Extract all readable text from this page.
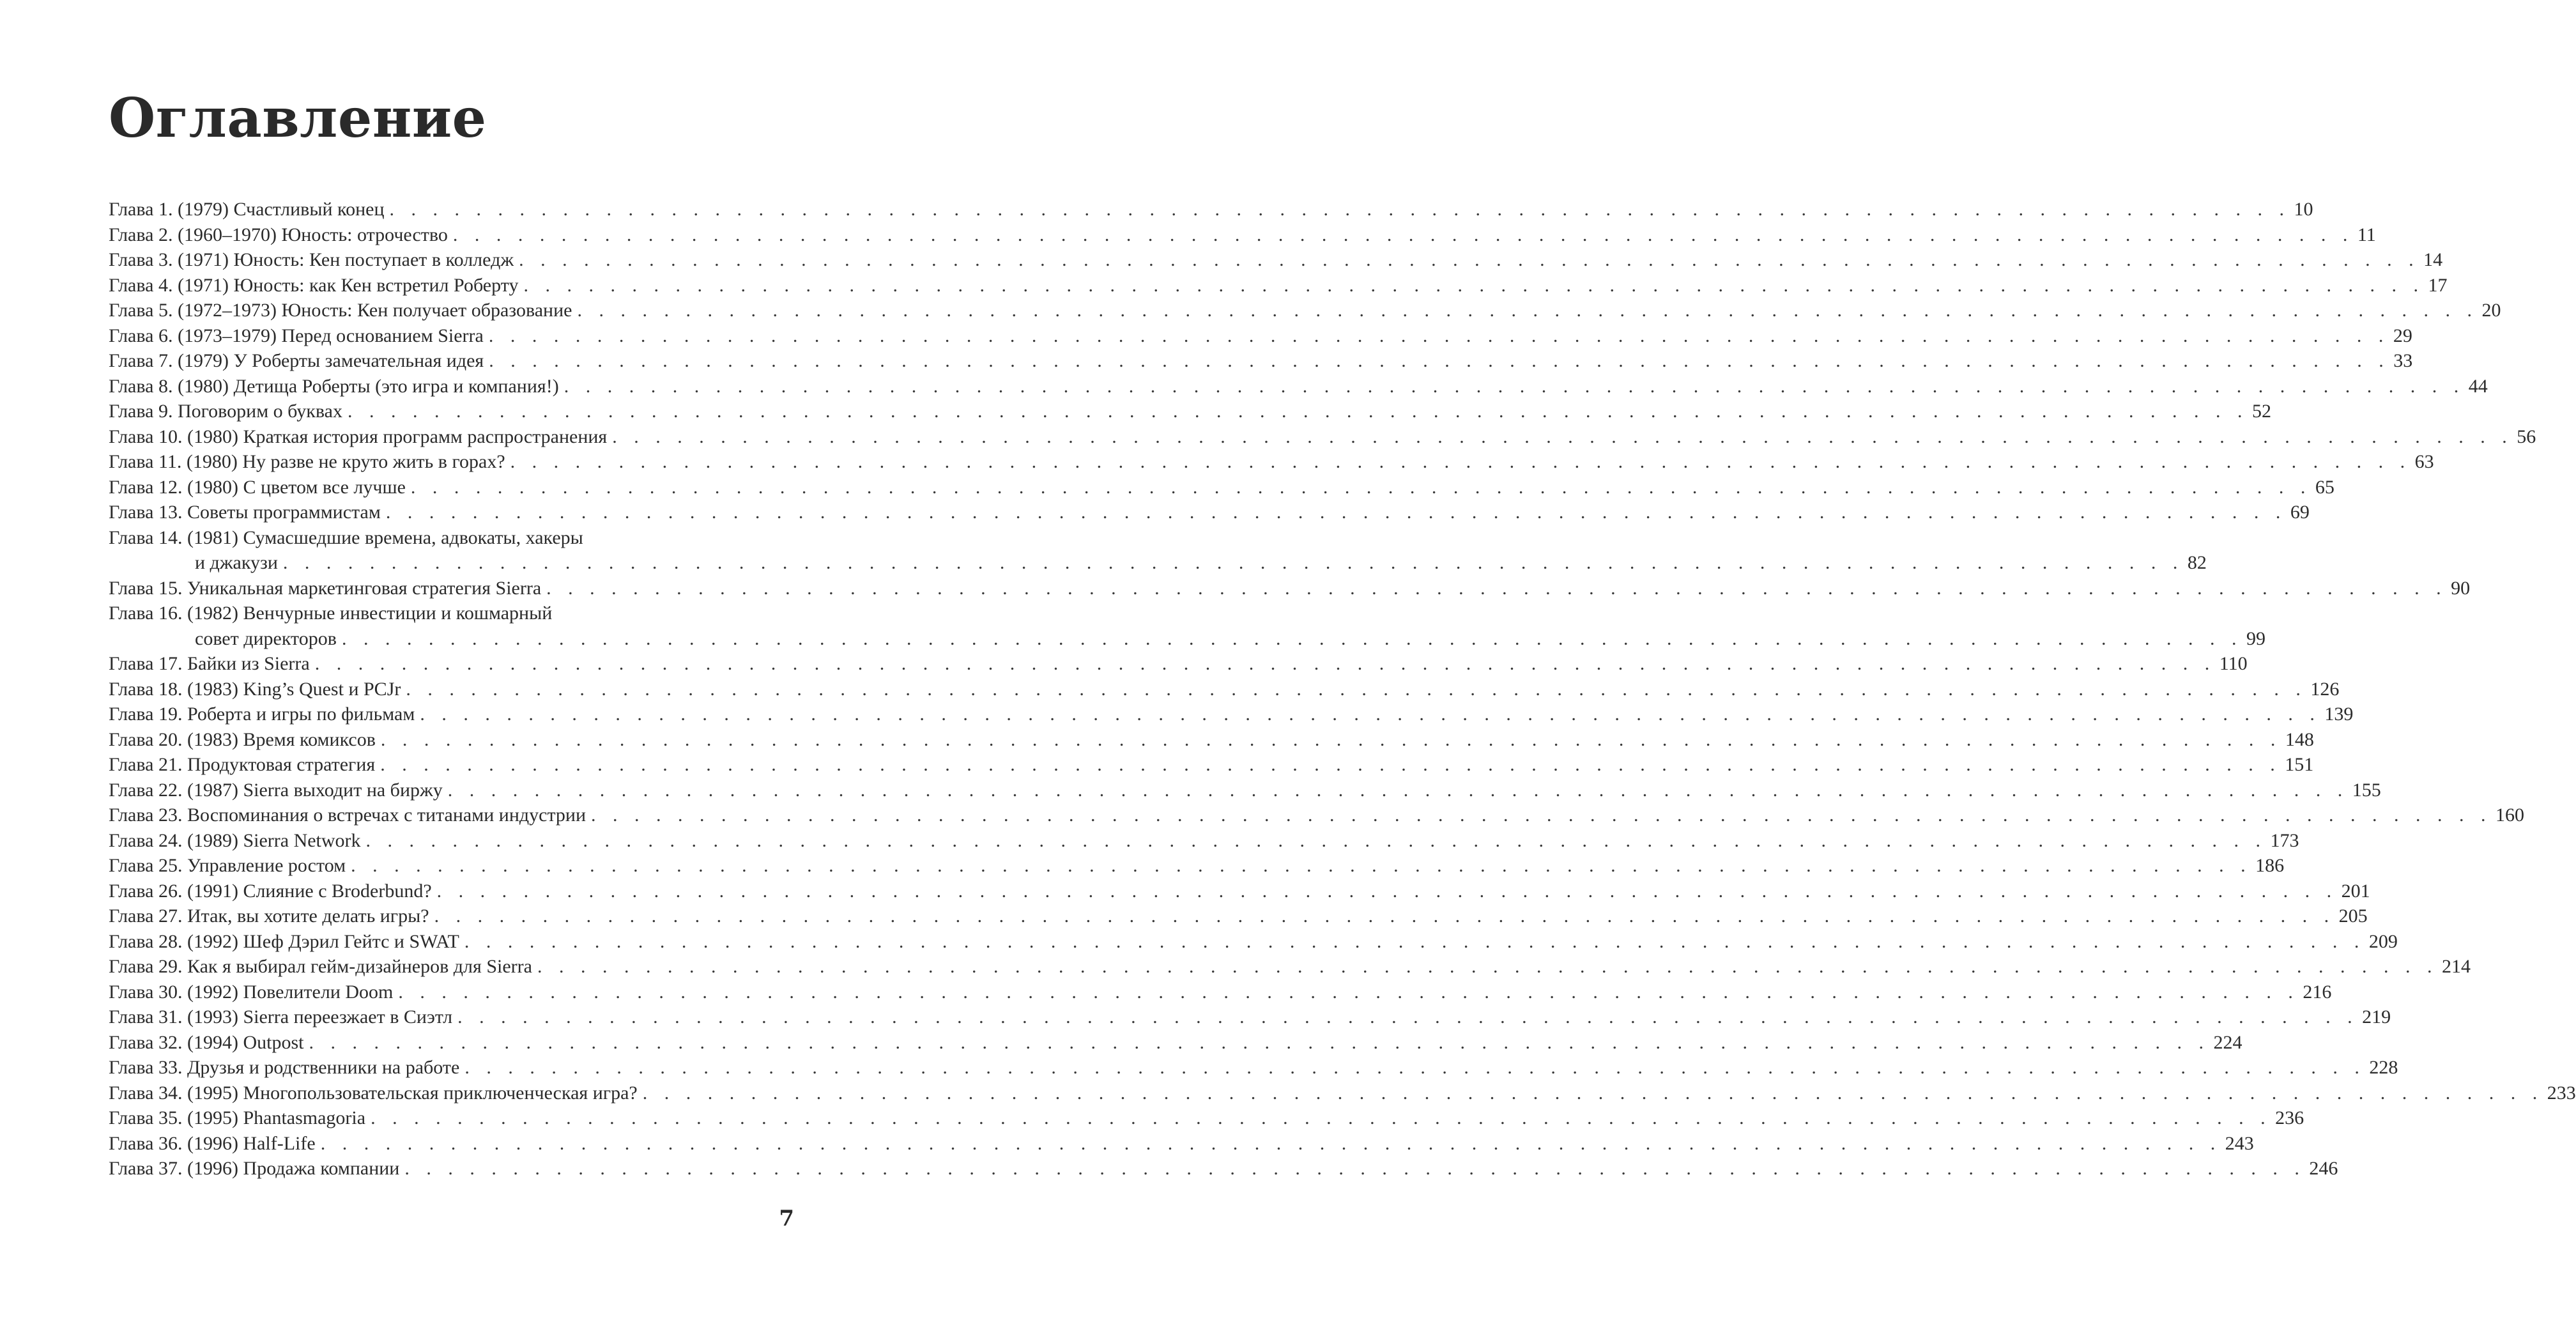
Оглавление
Глава 1. (1979) Счастливый конец . . . . . . . . . . . . . . . . . . . . . . . . . . . . . . . . . . . . . . . . . . . . . . . . . . . . . . . . . . . . . . . . . . . . . . . . . . . . . . . . . . . . . . . . 10
Глава 2. (1960–1970) Юность: отрочество . . . . . . . . . . . . . . . . . . . . . . . . . . . . . . . . . . . . . . . . . . . . . . . . . . . . . . . . . . . . . . . . . . . . . . . . . . . . . . . . . . . . . . . . 11
Глава 3. (1971) Юность: Кен поступает в колледж . . . . . . . . . . . . . . . . . . . . . . . . . . . . . . . . . . . . . . . . . . . . . . . . . . . . . . . . . . . . . . . . . . . . . . . . . . . . . . . . . . . . . . . . 14
Глава 4. (1971) Юность: как Кен встретил Роберту . . . . . . . . . . . . . . . . . . . . . . . . . . . . . . . . . . . . . . . . . . . . . . . . . . . . . . . . . . . . . . . . . . . . . . . . . . . . . . . . . . . . . . . . 17
Глава 5. (1972–1973) Юность: Кен получает образование . . . . . . . . . . . . . . . . . . . . . . . . . . . . . . . . . . . . . . . . . . . . . . . . . . . . . . . . . . . . . . . . . . . . . . . . . . . . . . . . . . . . . . . . 20
Глава 6. (1973–1979) Перед основанием Sierra . . . . . . . . . . . . . . . . . . . . . . . . . . . . . . . . . . . . . . . . . . . . . . . . . . . . . . . . . . . . . . . . . . . . . . . . . . . . . . . . . . . . . . . . 29
Глава 7. (1979) У Роберты замечательная идея . . . . . . . . . . . . . . . . . . . . . . . . . . . . . . . . . . . . . . . . . . . . . . . . . . . . . . . . . . . . . . . . . . . . . . . . . . . . . . . . . . . . . . . . 33
Глава 8. (1980) Детища Роберты (это игра и компания!) . . . . . . . . . . . . . . . . . . . . . . . . . . . . . . . . . . . . . . . . . . . . . . . . . . . . . . . . . . . . . . . . . . . . . . . . . . . . . . . . . . . . . . . . 44
Глава 9. Поговорим о буквах . . . . . . . . . . . . . . . . . . . . . . . . . . . . . . . . . . . . . . . . . . . . . . . . . . . . . . . . . . . . . . . . . . . . . . . . . . . . . . . . . . . . . . . . 52
Глава 10. (1980) Краткая история программ распространения . . . . . . . . . . . . . . . . . . . . . . . . . . . . . . . . . . . . . . . . . . . . . . . . . . . . . . . . . . . . . . . . . . . . . . . . . . . . . . . . . . . . . . . . 56
Глава 11. (1980) Ну разве не круто жить в горах? . . . . . . . . . . . . . . . . . . . . . . . . . . . . . . . . . . . . . . . . . . . . . . . . . . . . . . . . . . . . . . . . . . . . . . . . . . . . . . . . . . . . . . . . 63
Глава 12. (1980) С цветом все лучше . . . . . . . . . . . . . . . . . . . . . . . . . . . . . . . . . . . . . . . . . . . . . . . . . . . . . . . . . . . . . . . . . . . . . . . . . . . . . . . . . . . . . . . . 65
Глава 13. Советы программистам . . . . . . . . . . . . . . . . . . . . . . . . . . . . . . . . . . . . . . . . . . . . . . . . . . . . . . . . . . . . . . . . . . . . . . . . . . . . . . . . . . . . . . . . 69
Глава 14. (1981) Сумасшедшие времена, адвокаты, хакеры
и джакузи . . . . . . . . . . . . . . . . . . . . . . . . . . . . . . . . . . . . . . . . . . . . . . . . . . . . . . . . . . . . . . . . . . . . . . . . . . . . . . . . . . . . . . . . 82
Глава 15. Уникальная маркетинговая стратегия Sierra . . . . . . . . . . . . . . . . . . . . . . . . . . . . . . . . . . . . . . . . . . . . . . . . . . . . . . . . . . . . . . . . . . . . . . . . . . . . . . . . . . . . . . . . 90
Глава 16. (1982) Венчурные инвестиции и кошмарный
совет директоров . . . . . . . . . . . . . . . . . . . . . . . . . . . . . . . . . . . . . . . . . . . . . . . . . . . . . . . . . . . . . . . . . . . . . . . . . . . . . . . . . . . . . . . . 99
Глава 17. Байки из Sierra . . . . . . . . . . . . . . . . . . . . . . . . . . . . . . . . . . . . . . . . . . . . . . . . . . . . . . . . . . . . . . . . . . . . . . . . . . . . . . . . . . . . . . . . 110
Глава 18. (1983) King’s Quest и PCJr . . . . . . . . . . . . . . . . . . . . . . . . . . . . . . . . . . . . . . . . . . . . . . . . . . . . . . . . . . . . . . . . . . . . . . . . . . . . . . . . . . . . . . . . 126
Глава 19. Роберта и игры по фильмам . . . . . . . . . . . . . . . . . . . . . . . . . . . . . . . . . . . . . . . . . . . . . . . . . . . . . . . . . . . . . . . . . . . . . . . . . . . . . . . . . . . . . . . . 139
Глава 20. (1983) Время комиксов . . . . . . . . . . . . . . . . . . . . . . . . . . . . . . . . . . . . . . . . . . . . . . . . . . . . . . . . . . . . . . . . . . . . . . . . . . . . . . . . . . . . . . . . 148
Глава 21. Продуктовая стратегия . . . . . . . . . . . . . . . . . . . . . . . . . . . . . . . . . . . . . . . . . . . . . . . . . . . . . . . . . . . . . . . . . . . . . . . . . . . . . . . . . . . . . . . . 151
Глава 22. (1987) Sierra выходит на биржу . . . . . . . . . . . . . . . . . . . . . . . . . . . . . . . . . . . . . . . . . . . . . . . . . . . . . . . . . . . . . . . . . . . . . . . . . . . . . . . . . . . . . . . . 155
Глава 23. Воспоминания о встречах с титанами индустрии . . . . . . . . . . . . . . . . . . . . . . . . . . . . . . . . . . . . . . . . . . . . . . . . . . . . . . . . . . . . . . . . . . . . . . . . . . . . . . . . . . . . . . . . 160
Глава 24. (1989) Sierra Network . . . . . . . . . . . . . . . . . . . . . . . . . . . . . . . . . . . . . . . . . . . . . . . . . . . . . . . . . . . . . . . . . . . . . . . . . . . . . . . . . . . . . . . . 173
Глава 25. Управление ростом . . . . . . . . . . . . . . . . . . . . . . . . . . . . . . . . . . . . . . . . . . . . . . . . . . . . . . . . . . . . . . . . . . . . . . . . . . . . . . . . . . . . . . . . 186
Глава 26. (1991) Слияние с Broderbund? . . . . . . . . . . . . . . . . . . . . . . . . . . . . . . . . . . . . . . . . . . . . . . . . . . . . . . . . . . . . . . . . . . . . . . . . . . . . . . . . . . . . . . . . 201
Глава 27. Итак, вы хотите делать игры? . . . . . . . . . . . . . . . . . . . . . . . . . . . . . . . . . . . . . . . . . . . . . . . . . . . . . . . . . . . . . . . . . . . . . . . . . . . . . . . . . . . . . . . . 205
Глава 28. (1992) Шеф Дэрил Гейтс и SWAT . . . . . . . . . . . . . . . . . . . . . . . . . . . . . . . . . . . . . . . . . . . . . . . . . . . . . . . . . . . . . . . . . . . . . . . . . . . . . . . . . . . . . . . . 209
Глава 29. Как я выбирал гейм-дизайнеров для Sierra . . . . . . . . . . . . . . . . . . . . . . . . . . . . . . . . . . . . . . . . . . . . . . . . . . . . . . . . . . . . . . . . . . . . . . . . . . . . . . . . . . . . . . . . 214
Глава 30. (1992) Повелители Doom . . . . . . . . . . . . . . . . . . . . . . . . . . . . . . . . . . . . . . . . . . . . . . . . . . . . . . . . . . . . . . . . . . . . . . . . . . . . . . . . . . . . . . . . 216
Глава 31. (1993) Sierra переезжает в Сиэтл . . . . . . . . . . . . . . . . . . . . . . . . . . . . . . . . . . . . . . . . . . . . . . . . . . . . . . . . . . . . . . . . . . . . . . . . . . . . . . . . . . . . . . . . 219
Глава 32. (1994) Outpost . . . . . . . . . . . . . . . . . . . . . . . . . . . . . . . . . . . . . . . . . . . . . . . . . . . . . . . . . . . . . . . . . . . . . . . . . . . . . . . . . . . . . . . . 224
Глава 33. Друзья и родственники на работе . . . . . . . . . . . . . . . . . . . . . . . . . . . . . . . . . . . . . . . . . . . . . . . . . . . . . . . . . . . . . . . . . . . . . . . . . . . . . . . . . . . . . . . . 228
Глава 34. (1995) Многопользовательская приключенческая игра? . . . . . . . . . . . . . . . . . . . . . . . . . . . . . . . . . . . . . . . . . . . . . . . . . . . . . . . . . . . . . . . . . . . . . . . . . . . . . . . . . . . . . . . . 233
Глава 35. (1995) Phantasmagoria . . . . . . . . . . . . . . . . . . . . . . . . . . . . . . . . . . . . . . . . . . . . . . . . . . . . . . . . . . . . . . . . . . . . . . . . . . . . . . . . . . . . . . . . 236
Глава 36. (1996) Half-Life . . . . . . . . . . . . . . . . . . . . . . . . . . . . . . . . . . . . . . . . . . . . . . . . . . . . . . . . . . . . . . . . . . . . . . . . . . . . . . . . . . . . . . . . 243
Глава 37. (1996) Продажа компании . . . . . . . . . . . . . . . . . . . . . . . . . . . . . . . . . . . . . . . . . . . . . . . . . . . . . . . . . . . . . . . . . . . . . . . . . . . . . . . . . . . . . . . . 246
7
